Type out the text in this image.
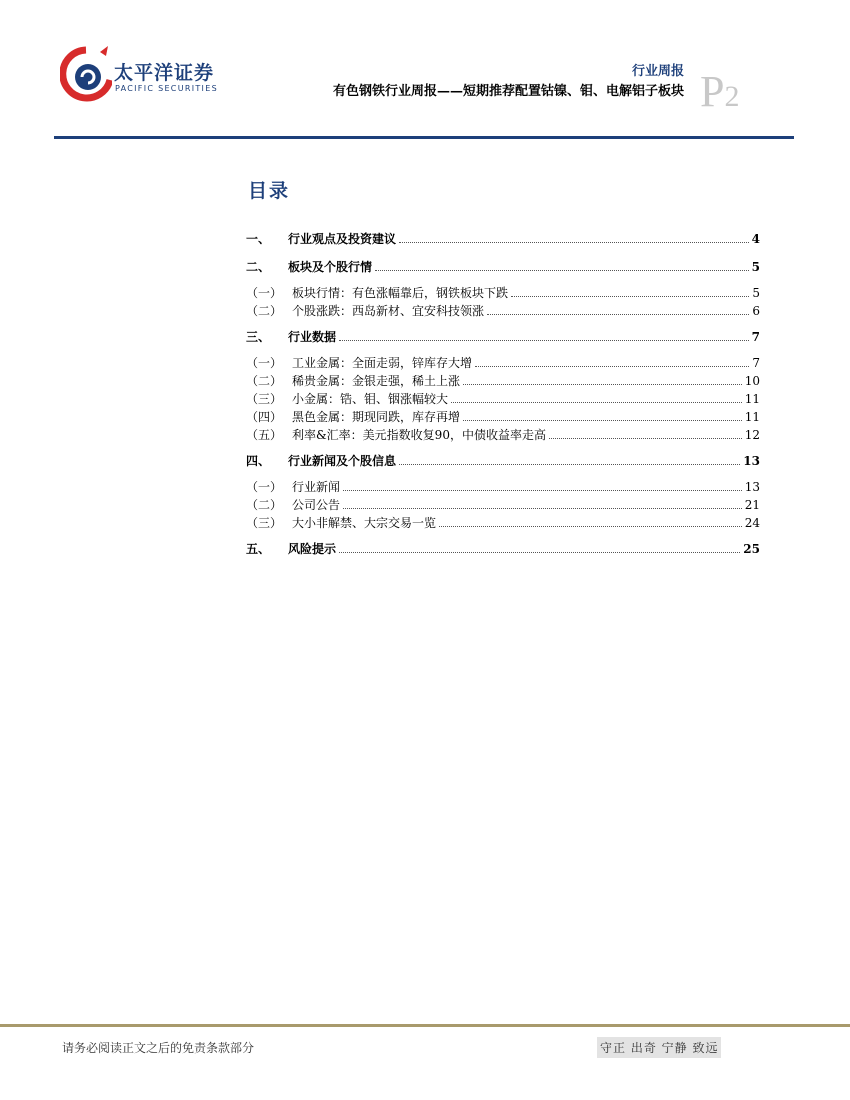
太平洋证券
PACIFIC SECURITIES
行业周报
有色钢铁行业周报——短期推荐配置钴镍、钼、电解铝子板块 P2
目录
一、	行业观点及投资建议	4
二、	板块及个股行情	5
（一） 板块行情：有色涨幅靠后，钢铁板块下跌	5
（二） 个股涨跌：西岛新材、宜安科技领涨	6
三、	行业数据	7
（一） 工业金属：全面走弱，锌库存大增	7
（二） 稀贵金属：金银走强，稀土上涨	10
（三） 小金属：锆、钼、铟涨幅较大	11
（四） 黑色金属：期现同跌，库存再增	11
（五） 利率&汇率：美元指数收复90，中债收益率走高	12
四、	行业新闻及个股信息	13
（一） 行业新闻	13
（二） 公司公告	21
（三） 大小非解禁、大宗交易一览	24
五、	风险提示	25
请务必阅读正文之后的免责条款部分	守正 出奇 宁静 致远
